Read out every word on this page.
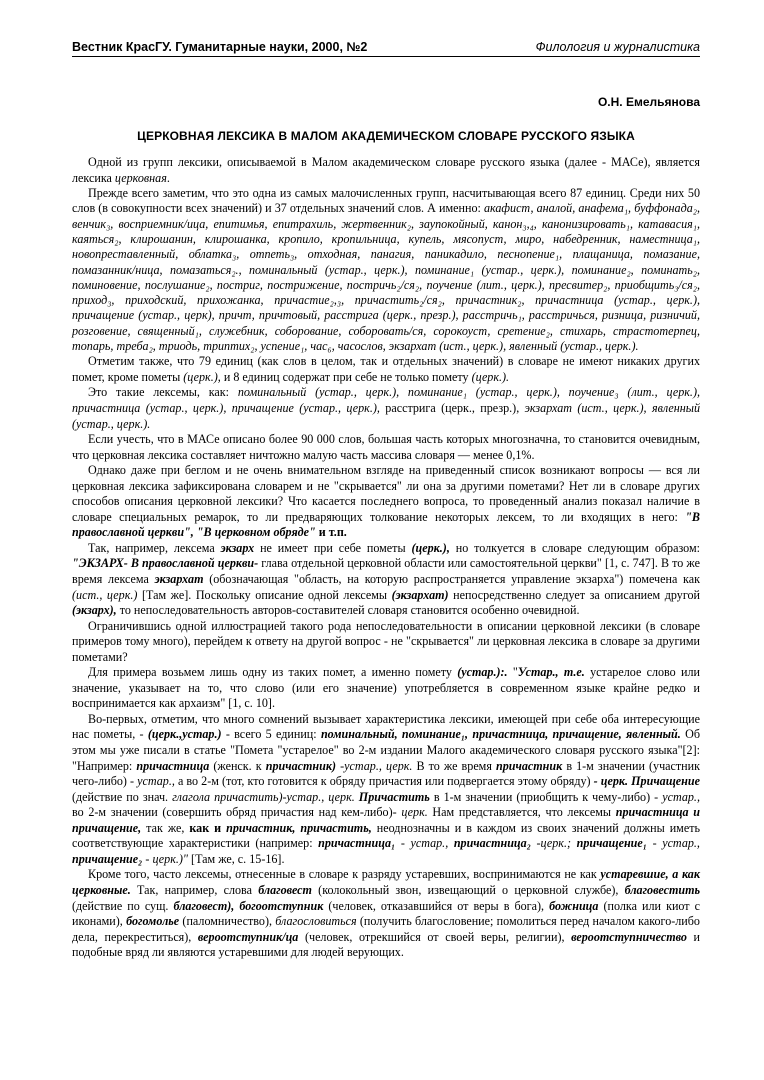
Вестник КрасГУ. Гуманитарные науки, 2000, №2	Филология и журналистика
О.Н. Емельянова
ЦЕРКОВНАЯ ЛЕКСИКА В МАЛОМ АКАДЕМИЧЕСКОМ СЛОВАРЕ РУССКОГО ЯЗЫКА

Одной из групп лексики, описываемой в Малом академическом словаре русского языка (далее - МАСе), является лексика церковная.

Прежде всего заметим, что это одна из самых малочисленных групп, насчитывающая всего 87 единиц. Среди них 50 слов (в совокупности всех значений) и 37 отдельных значений слов. А именно: акафист, аналой, анафема₁, буффонада₂, венчик₃, восприемник/ица, епитимья, епитрахиль, жертвенник₂, заупокойный, канон₃,₄, канонизировать₁, катавасия₁, каяться₂, клирошанин, клирошанка, кропило, кропильница, купель, мясопуст, миро, набедренник, наместница₁, новопреставленный, облатка₃, отпеть₃, отходная, панагия, паникадило, песнопение₁, плащаница, помазание, помазанник/ница, помазаться₂., поминальный (устар., церк.), поминание₁ (устар., церк.), поминание₂, поминать₂, поминовение, послушание₂, постриг, пострижение, постричь₂/ся₂, поучение (лит., церк.), пресвитер₂, приобщить₃/ся₂, приход₃, приходский, прихожанка, причастие₂,₃, причастить₂/ся₂, причастник₂, причастница (устар., церк.), причащение (устар., церк), причт, причтовый, расстрига (церк., презр.), расстричь₁, расстричься, ризница, ризничий, розговение, священный₁, служебник, соборование, соборовать/ся, сорокоуст, сретение₂, стихарь, страстотерпец, топарь, треба₂, триодь, триптих₂, успение₁, час₆, часослов, экзархат (ист., церк.), явленный (устар., церк.).

Отметим также, что 79 единиц (как слов в целом, так и отдельных значений) в словаре не имеют никаких других помет, кроме пометы (церк.), и 8 единиц содержат при себе не только помету (церк.).

Это такие лексемы, как: поминальный (устар., церк.), поминание₁ (устар., церк.), поучение₃ (лит., церк.), причастница (устар., церк.), причащение (устар., церк.), расстрига (церк., презр.), экзархат (ист., церк.), явленный (устар., церк.).

Если учесть, что в МАСе описано более 90 000 слов, большая часть которых многозначна, то становится очевидным, что церковная лексика составляет ничтожно малую часть массива словаря — менее 0,1%.

Однако даже при беглом и не очень внимательном взгляде на приведенный список возникают вопросы — вся ли церковная лексика зафиксирована словарем и не "скрывается" ли она за другими пометами? Нет ли в словаре других способов описания церковной лексики? Что касается последнего вопроса, то проведенный анализ показал наличие в словаре специальных ремарок, то ли предваряющих толкование некоторых лексем, то ли входящих в него: "В православной церкви", "В церковном обряде" и т.п.

Так, например, лексема экзарх не имеет при себе пометы (церк.), но толкуется в словаре следующим образом: "ЭКЗАРХ- В православной церкви- глава отдельной церковной области или самостоятельной церкви" [1, с. 747]. В то же время лексема экзархат (обозначающая "область, на которую распространяется управление экзарха") помечена как (ист., церк.) [Там же]. Поскольку описание одной лексемы (экзархат) непосредственно следует за описанием другой (экзарх), то непоследовательность авторов-составителей словаря становится особенно очевидной.

Ограничившись одной иллюстрацией такого рода непоследовательности в описании церковной лексики (в словаре примеров тому много), перейдем к ответу на другой вопрос - не "скрывается" ли церковная лексика в словаре за другими пометами?

Для примера возьмем лишь одну из таких помет, а именно помету (устар.):. "Устар., т.е. устарелое слово или значение, указывает на то, что слово (или его значение) употребляется в современном языке крайне редко и воспринимается как архаизм" [1, с. 10].

Во-первых, отметим, что много сомнений вызывает характеристика лексики, имеющей при себе оба интересующие нас пометы, - (церк.,устар.) - всего 5 единиц: поминальный, поминание₁, причастница, причащение, явленный. Об этом мы уже писали в статье "Помета "устарелое" во 2-м издании Малого академического словаря русского языка"[2]: "Например: причастница (женск. к причастник) -устар., церк. В то же время причастник в 1-м значении (участник чего-либо) - устар., а во 2-м (тот, кто готовится к обряду причастия или подвергается этому обряду) - церк. Причащение (действие по знач. глагола причастить)-устар., церк. Причастить в 1-м значении (приобщить к чему-либо) - устар., во 2-м значении (совершить обряд причастия над кем-либо)- церк. Нам представляется, что лексемы причастница и причащение, так же, как и причастник, причастить, неоднозначны и в каждом из своих значений должны иметь соответствующие характеристики (например: причастница₁ - устар., причастница₂ -церк.; причащение₁ - устар., причащение₂ - церк.)" [Там же, с. 15-16].

Кроме того, часто лексемы, отнесенные в словаре к разряду устаревших, воспринимаются не как устаревшие, а как церковные. Так, например, слова благовест (колокольный звон, извещающий о церковной службе), благовестить (действие по сущ. благовест), богоотступник (человек, отказавшийся от веры в бога), божница (полка или киот с иконами), богомолье (паломничество), благословиться (получить благословение; помолиться перед началом какого-либо дела, перекреститься), вероотступник/ца (человек, отрекшийся от своей веры, религии), вероотступничество и подобные вряд ли являются устаревшими для людей верующих.
